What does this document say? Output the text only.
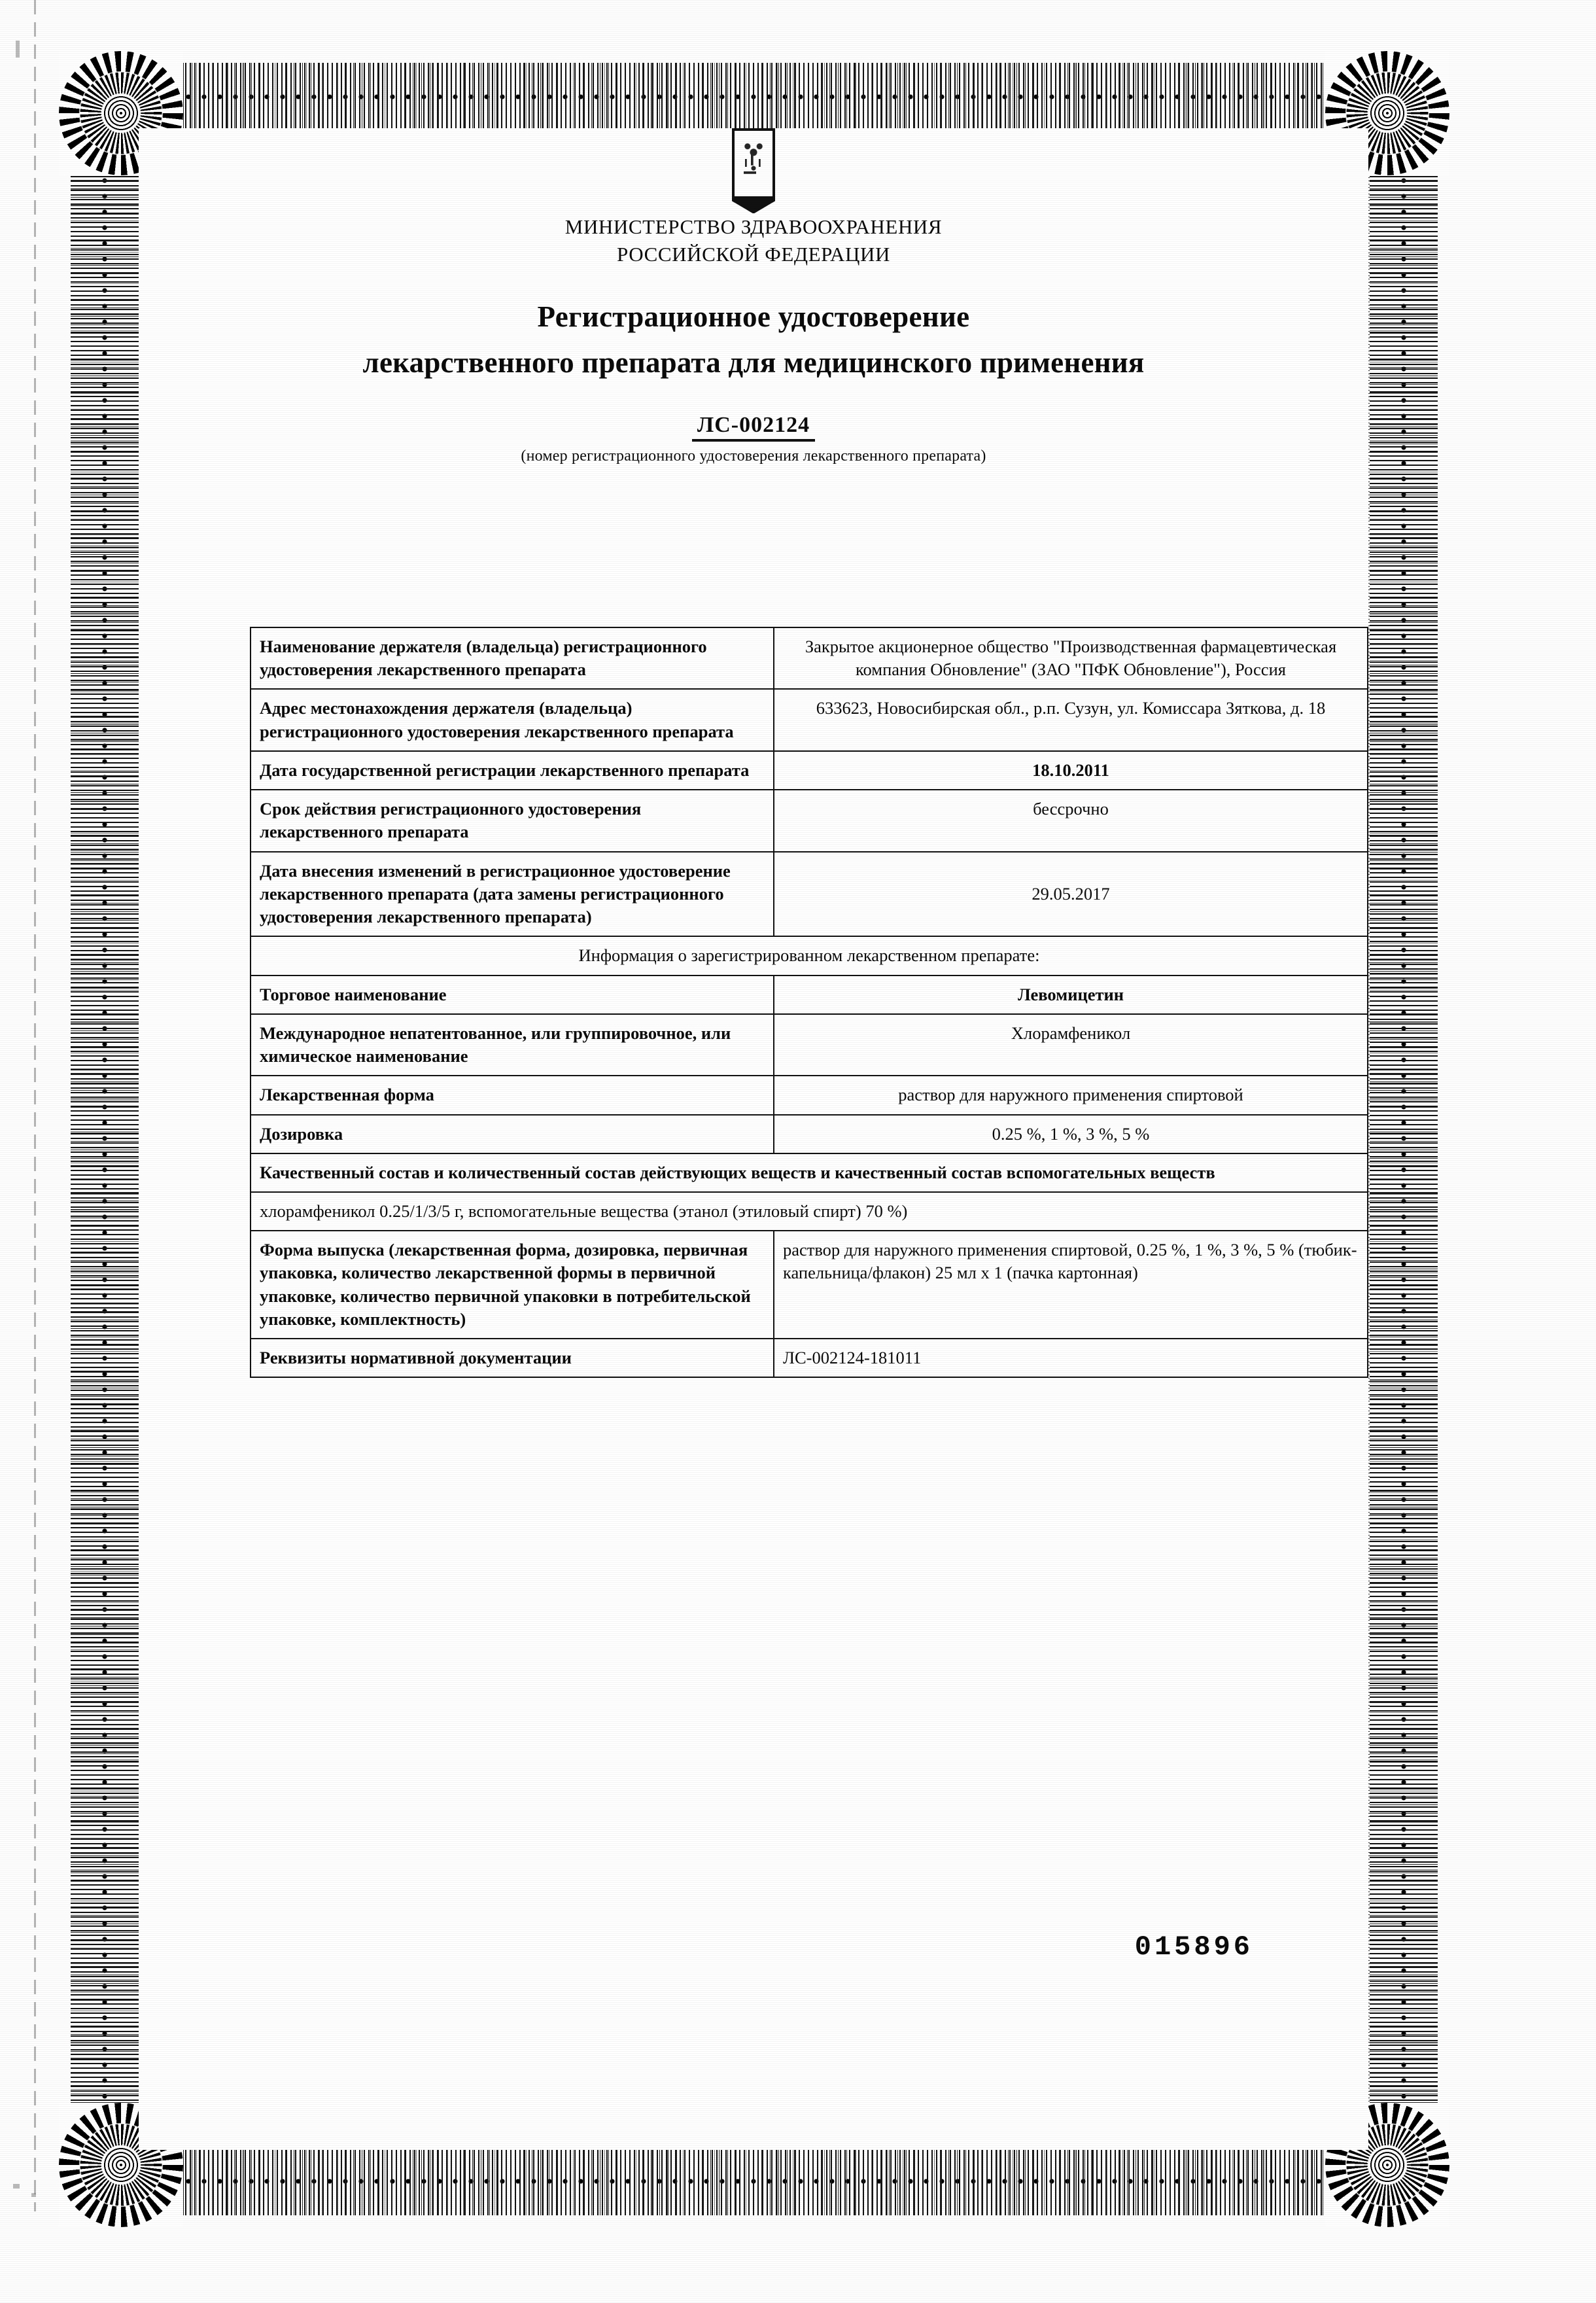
МИНИСТЕРСТВО ЗДРАВООХРАНЕНИЯ
РОССИЙСКОЙ ФЕДЕРАЦИИ
Регистрационное удостоверение
лекарственного препарата для медицинского применения
ЛС-002124
(номер регистрационного удостоверения лекарственного препарата)
Наименование держателя (владельца) регистрационного удостоверения лекарственного препарата	Закрытое акционерное общество "Производственная фармацевтическая компания Обновление" (ЗАО "ПФК Обновление"), Россия
Адрес местонахождения держателя (владельца) регистрационного удостоверения лекарственного препарата	633623, Новосибирская обл., р.п. Сузун, ул. Комиссара Зяткова, д. 18
Дата государственной регистрации лекарственного препарата	18.10.2011
Срок действия регистрационного удостоверения лекарственного препарата	бессрочно
Дата внесения изменений в регистрационное удостоверение лекарственного препарата (дата замены регистрационного удостоверения лекарственного препарата)	29.05.2017
Информация о зарегистрированном лекарственном препарате:	
Торговое наименование	Левомицетин
Международное непатентованное, или группировочное, или химическое наименование	Хлорамфеникол
Лекарственная форма	раствор для наружного применения спиртовой
Дозировка	0.25 %, 1 %, 3 %, 5 %
Качественный состав и количественный состав действующих веществ и качественный состав вспомогательных веществ	
хлорамфеникол 0.25/1/3/5 г, вспомогательные вещества (этанол (этиловый спирт) 70 %)	
Форма выпуска (лекарственная форма, дозировка, первичная упаковка, количество лекарственной формы в первичной упаковке, количество первичной упаковки в потребительской упаковке, комплектность)	раствор для наружного применения спиртовой, 0.25 %, 1 %, 3 %, 5 % (тюбик-капельница/флакон) 25 мл х 1 (пачка картонная)
Реквизиты нормативной документации	ЛС-002124-181011
015896
